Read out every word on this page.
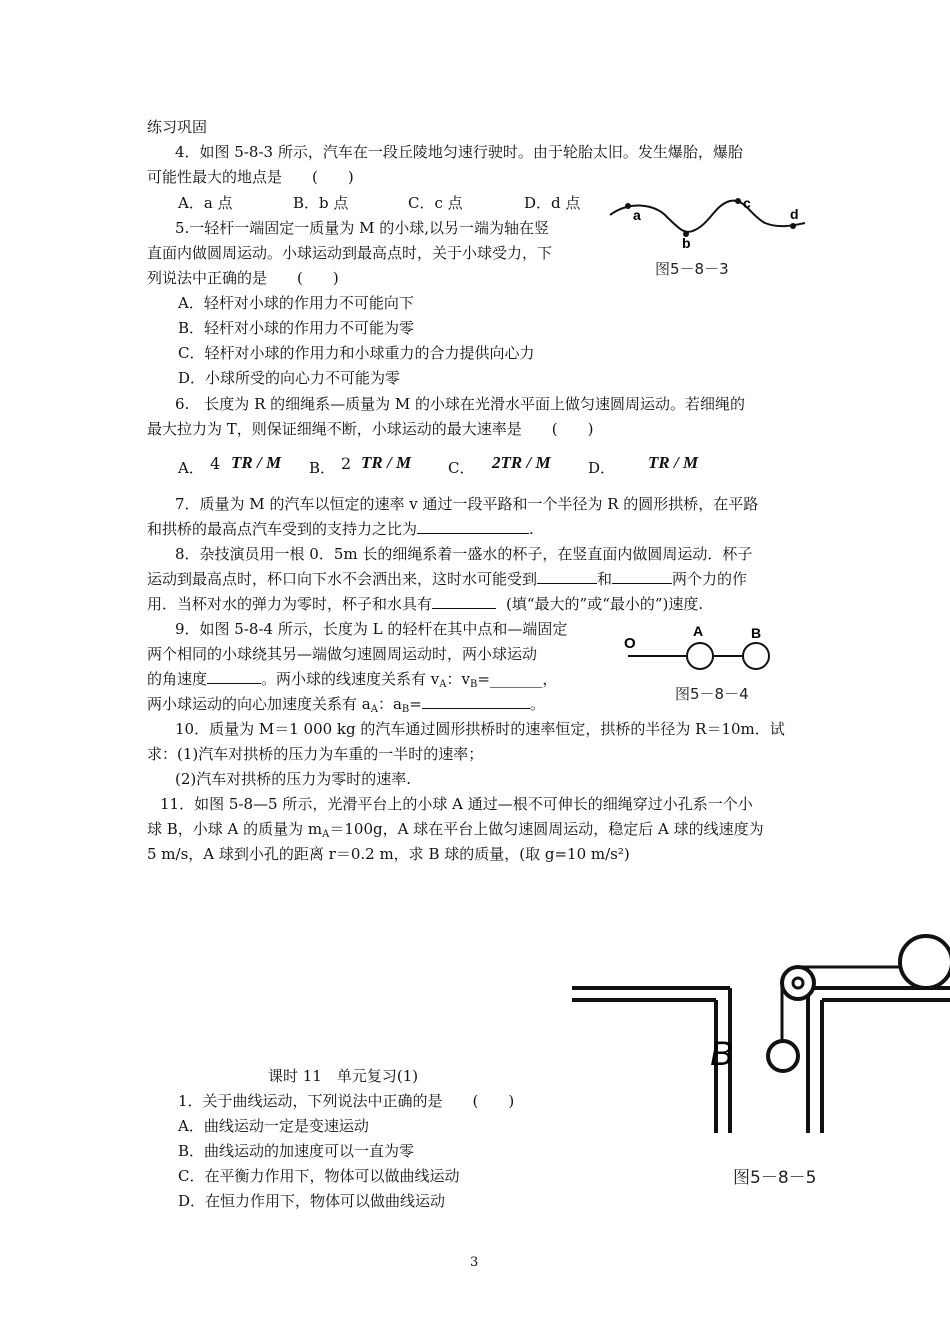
练习巩固
4．如图 5-8-3 所示，汽车在一段丘陵地匀速行驶时。由于轮胎太旧。发生爆胎，爆胎
可能性最大的地点是　　(　　)
A．a 点	B．b 点	C．c 点	D．d 点
a
b
c
d
图5－8－3
5.一轻杆一端固定一质量为 M 的小球,以另一端为轴在竖
直面内做圆周运动。小球运动到最高点时，关于小球受力，下
列说法中正确的是　　(　　)
A．轻杆对小球的作用力不可能向下
B．轻杆对小球的作用力不可能为零
C．轻杆对小球的作用力和小球重力的合力提供向心力
D．小球所受的向心力不可能为零
6.　长度为 R 的细绳系—质量为 M 的小球在光滑水平面上做匀速圆周运动。若细绳的
最大拉力为 T，则保证细绳不断，小球运动的最大速率是　　(　　)
A． 4 TR / M B． 2 TR / M C． 2TR / M D． TR / M
7．质量为 M 的汽车以恒定的速率 v 通过一段平路和一个半径为 R 的圆形拱桥，在平路
和拱桥的最高点汽车受到的支持力之比为	.
8．杂技演员用一根 0．5m 长的细绳系着一盛水的杯子，在竖直面内做圆周运动．杯子
运动到最高点时，杯口向下水不会洒出来，这时水可能受到	和	两个力的作
用．当杯对水的弹力为零时，杯子和水具有	(填“最大的”或“最小的”)速度.
9．如图 5-8-4 所示，长度为 L 的轻杆在其中点和—端固定
两个相同的小球绕其另—端做匀速圆周运动时，两小球运动
的角速度	。两小球的线速度关系有 $v_A$：$v_B=\_\_\_\_\_\_\_$，
两小球运动的向心加速度关系有 $a_A$：$a_B=$	。
O
A	B
图5－8－4
10．质量为 M＝1 000 kg 的汽车通过圆形拱桥时的速率恒定，拱桥的半径为 R＝10m．试
求：(1)汽车对拱桥的压力为车重的一半时的速率；
(2)汽车对拱桥的压力为零时的速率.
11．如图 5-8—5 所示，光滑平台上的小球 A 通过—根不可伸长的细绳穿过小孔系一个小
球 B，小球 A 的质量为 $m_A=100g$，A 球在平台上做匀速圆周运动，稳定后 A 球的线速度为
5 m/s，A 球到小孔的距离 r＝0.2 m，求 B 球的质量，(取 g=10 m/s²)
B
图5－8－5
课时 11　单元复习(1)
1．关于曲线运动，下列说法中正确的是　　(　　)
A．曲线运动一定是变速运动
B．曲线运动的加速度可以一直为零
C．在平衡力作用下，物体可以做曲线运动
D．在恒力作用下，物体可以做曲线运动
3
